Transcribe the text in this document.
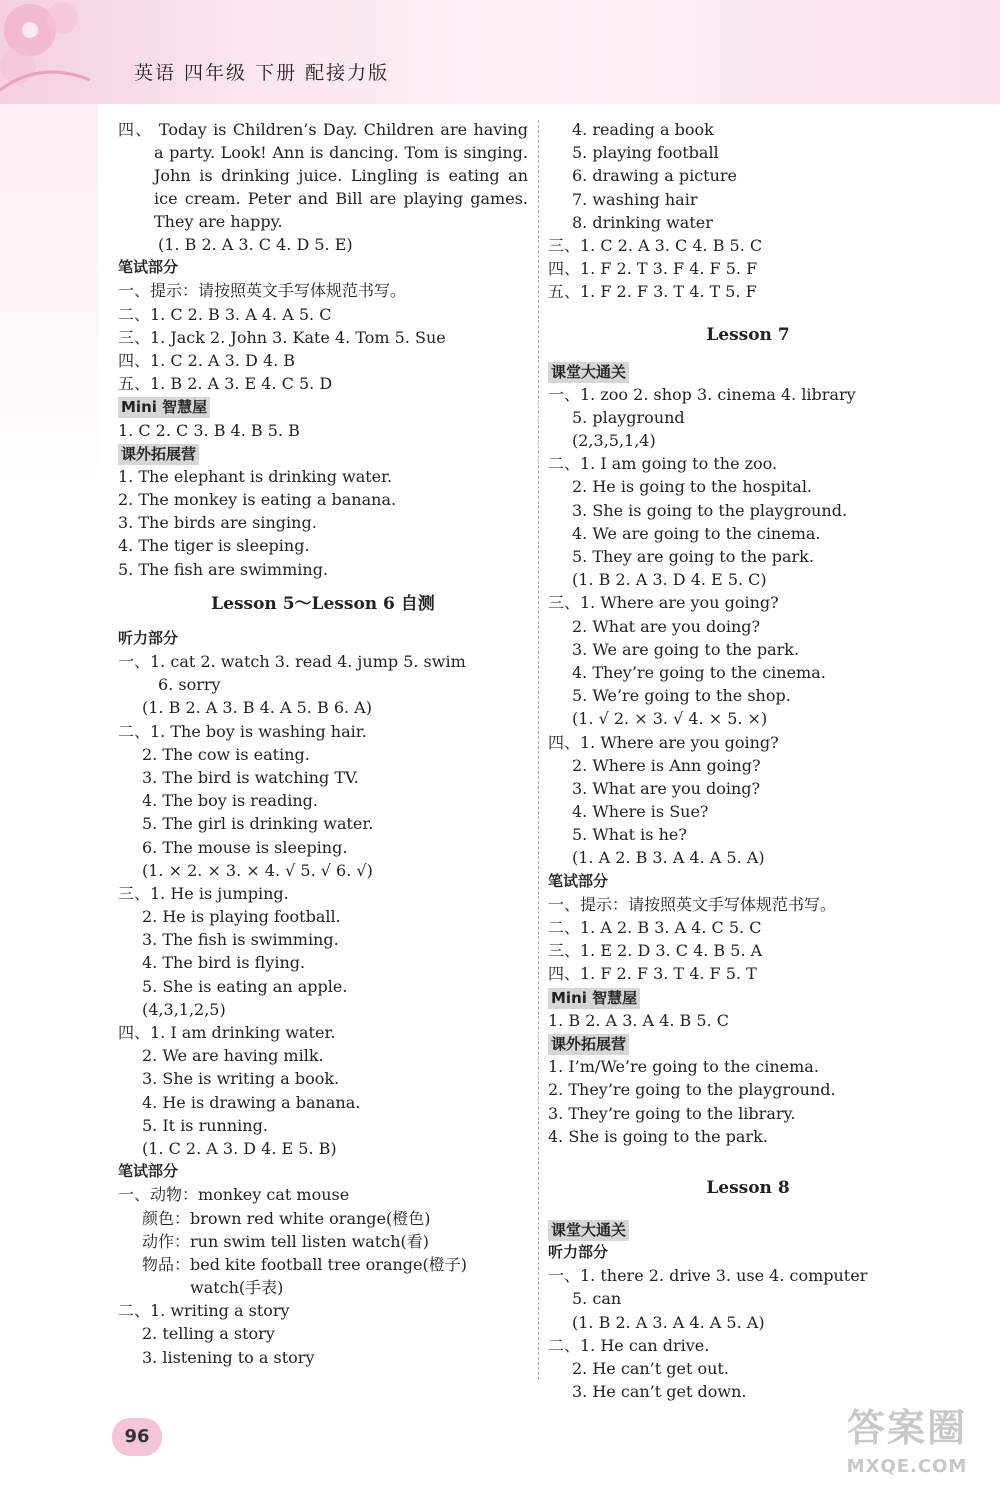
英语 四年级 下册 配接力版
四、 Today is Children’s Day. Children are having a party. Look! Ann is dancing. Tom is singing. John is drinking juice. Lingling is eating an ice cream. Peter and Bill are playing games. They are happy.
(1. B 2. A 3. C 4. D 5. E)
笔试部分
一、提示：请按照英文手写体规范书写。
二、1. C 2. B 3. A 4. A 5. C
三、1. Jack 2. John 3. Kate 4. Tom 5. Sue
四、1. C 2. A 3. D 4. B
五、1. B 2. A 3. E 4. C 5. D
Mini 智慧屋
1. C 2. C 3. B 4. B 5. B
课外拓展营
1. The elephant is drinking water.
2. The monkey is eating a banana.
3. The birds are singing.
4. The tiger is sleeping.
5. The fish are swimming.
Lesson 5～Lesson 6 自测
听力部分
一、1. cat 2. watch 3. read 4. jump 5. swim
6. sorry
(1. B 2. A 3. B 4. A 5. B 6. A)
二、1. The boy is washing hair.
2. The cow is eating.
3. The bird is watching TV.
4. The boy is reading.
5. The girl is drinking water.
6. The mouse is sleeping.
(1. × 2. × 3. × 4. √ 5. √ 6. √)
三、1. He is jumping.
2. He is playing football.
3. The fish is swimming.
4. The bird is flying.
5. She is eating an apple.
(4,3,1,2,5)
四、1. I am drinking water.
2. We are having milk.
3. She is writing a book.
4. He is drawing a banana.
5. It is running.
(1. C 2. A 3. D 4. E 5. B)
笔试部分
一、动物：monkey cat mouse
颜色：brown red white orange(橙色)
动作：run swim tell listen watch(看)
物品：bed kite football tree orange(橙子)
watch(手表)
二、1. writing a story
2. telling a story
3. listening to a story
4. reading a book
5. playing football
6. drawing a picture
7. washing hair
8. drinking water
三、1. C 2. A 3. C 4. B 5. C
四、1. F 2. T 3. F 4. F 5. F
五、1. F 2. F 3. T 4. T 5. F
Lesson 7
课堂大通关
一、1. zoo 2. shop 3. cinema 4. library
5. playground
(2,3,5,1,4)
二、1. I am going to the zoo.
2. He is going to the hospital.
3. She is going to the playground.
4. We are going to the cinema.
5. They are going to the park.
(1. B 2. A 3. D 4. E 5. C)
三、1. Where are you going?
2. What are you doing?
3. We are going to the park.
4. They’re going to the cinema.
5. We’re going to the shop.
(1. √ 2. × 3. √ 4. × 5. ×)
四、1. Where are you going?
2. Where is Ann going?
3. What are you doing?
4. Where is Sue?
5. What is he?
(1. A 2. B 3. A 4. A 5. A)
笔试部分
一、提示：请按照英文手写体规范书写。
二、1. A 2. B 3. A 4. C 5. C
三、1. E 2. D 3. C 4. B 5. A
四、1. F 2. F 3. T 4. F 5. T
Mini 智慧屋
1. B 2. A 3. A 4. B 5. C
课外拓展营
1. I’m/We’re going to the cinema.
2. They’re going to the playground.
3. They’re going to the library.
4. She is going to the park.
Lesson 8
课堂大通关
听力部分
一、1. there 2. drive 3. use 4. computer
5. can
(1. B 2. A 3. A 4. A 5. A)
二、1. He can drive.
2. He can’t get out.
3. He can’t get down.
96	答案圈
MXQE.COM
